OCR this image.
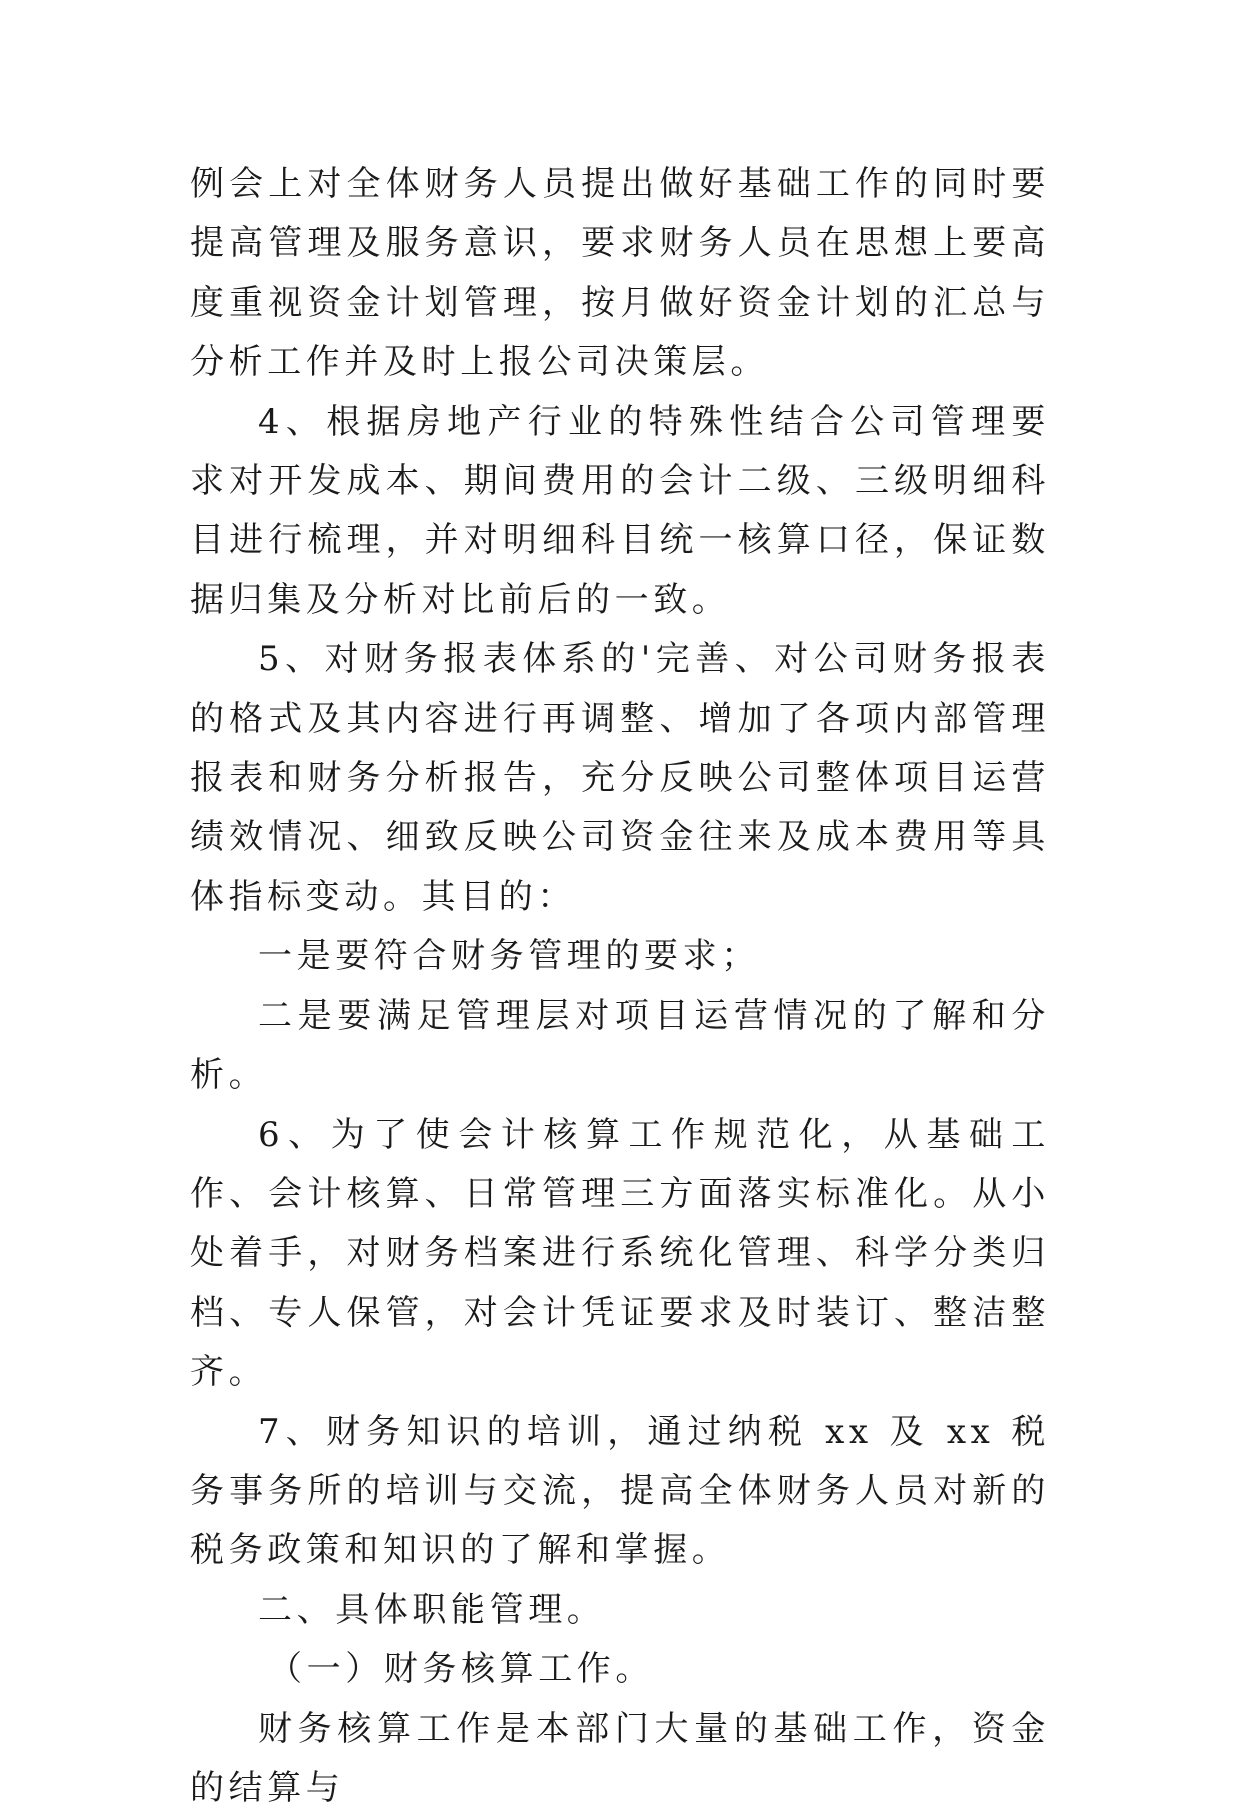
例会上对全体财务人员提出做好基础工作的同时要提高管理及服务意识，要求财务人员在思想上要高度重视资金计划管理，按月做好资金计划的汇总与分析工作并及时上报公司决策层。

4、根据房地产行业的特殊性结合公司管理要求对开发成本、期间费用的会计二级、三级明细科目进行梳理，并对明细科目统一核算口径，保证数据归集及分析对比前后的一致。

5、对财务报表体系的'完善、对公司财务报表的格式及其内容进行再调整、增加了各项内部管理报表和财务分析报告，充分反映公司整体项目运营绩效情况、细致反映公司资金往来及成本费用等具体指标变动。其目的：

一是要符合财务管理的要求；

二是要满足管理层对项目运营情况的了解和分析。

6、为了使会计核算工作规范化，从基础工作、会计核算、日常管理三方面落实标准化。从小处着手，对财务档案进行系统化管理、科学分类归档、专人保管，对会计凭证要求及时装订、整洁整齐。

7、财务知识的培训，通过纳税 xx 及 xx 税务事务所的培训与交流，提高全体财务人员对新的税务政策和知识的了解和掌握。

二、具体职能管理。

（一）财务核算工作。

财务核算工作是本部门大量的基础工作，资金的结算与
